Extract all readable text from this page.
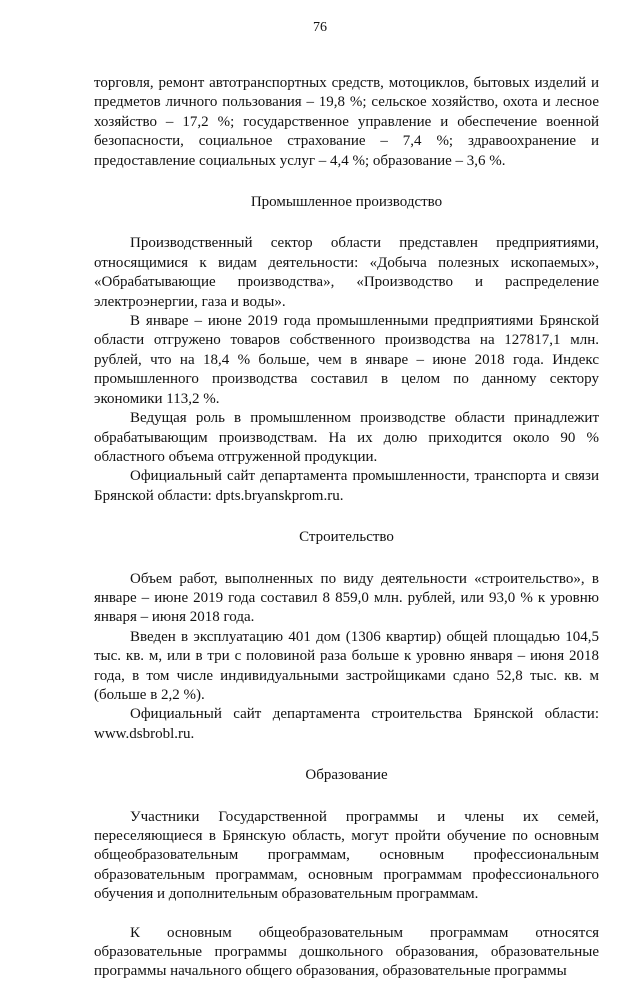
76

торговля, ремонт автотранспортных средств, мотоциклов, бытовых изделий и предметов личного пользования – 19,8 %; сельское хозяйство, охота и лесное хозяйство – 17,2 %; государственное управление и обеспечение военной безопасности, социальное страхование – 7,4 %; здравоохранение и предоставление социальных услуг – 4,4 %; образование – 3,6 %.

Промышленное производство

Производственный сектор области представлен предприятиями, относящимися к видам деятельности: «Добыча полезных ископаемых», «Обрабатывающие производства», «Производство и распределение электроэнергии, газа и воды».

В январе – июне 2019 года промышленными предприятиями Брянской области отгружено товаров собственного производства на 127817,1 млн. рублей, что на 18,4 % больше, чем в январе – июне 2018 года. Индекс промышленного производства составил в целом по данному сектору экономики 113,2 %.

Ведущая роль в промышленном производстве области принадлежит обрабатывающим производствам. На их долю приходится около 90 % областного объема отгруженной продукции.

Официальный сайт департамента промышленности, транспорта и связи Брянской области: dpts.bryanskprom.ru.

Строительство

Объем работ, выполненных по виду деятельности «строительство», в январе – июне 2019 года составил 8 859,0 млн. рублей, или 93,0 % к уровню января – июня 2018 года.

Введен в эксплуатацию 401 дом (1306 квартир) общей площадью 104,5 тыс. кв. м, или в три с половиной раза больше к уровню января – июня 2018 года, в том числе индивидуальными застройщиками сдано 52,8 тыс. кв. м (больше в 2,2 %).

Официальный сайт департамента строительства Брянской области: www.dsbrobl.ru.

Образование

Участники Государственной программы и члены их семей, переселяющиеся в Брянскую область, могут пройти обучение по основным общеобразовательным программам, основным профессиональным образовательным программам, основным программам профессионального обучения и дополнительным образовательным программам.

К основным общеобразовательным программам относятся образовательные программы дошкольного образования, образовательные программы начального общего образования, образовательные программы
